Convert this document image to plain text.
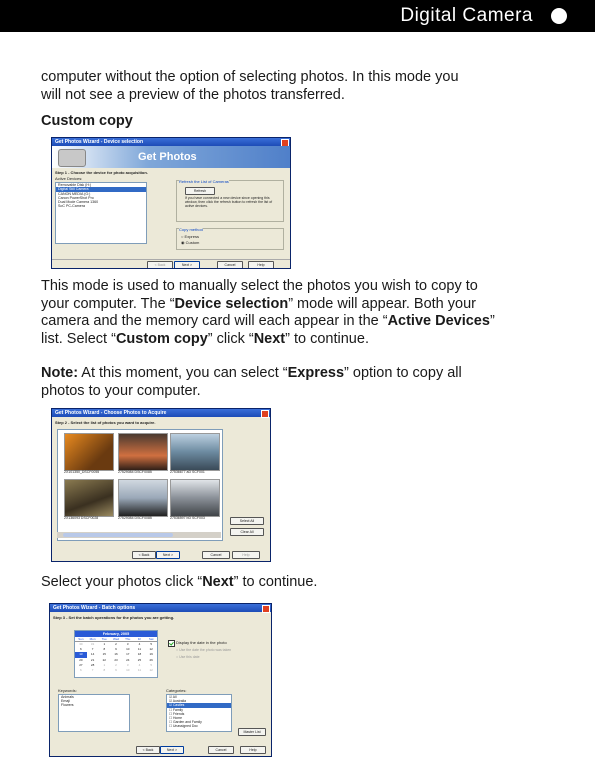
Digital Camera
computer without the option of selecting photos. In this mode you
will not see a preview of the photos transferred.
Custom copy
Get Photos Wizard - Device selection
Get Photos
Step 1 - Choose the device for photo acquisition.
Active Devices:
Removable Disk (H:)
Digital Still Camera
CANON MEDIA (G:)
Canon PowerShot Pro
Dual Mode Camera 1360
SoC PC-Camera
Refresh the List of Cameras
Refresh
If you have connected a new device since opening this window, then click the refresh button to refresh the list of active devices.
Copy method
○ Express
◉ Custom
< Back	Next >	Cancel	Help
This mode is used to manually select the photos you wish to copy to
your computer. The “Device selection” mode will appear. Both your
camera and the memory card will each appear in the “Active Devices”
list. Select “Custom copy” click “Next” to continue.
Note: At this moment, you can select “Express” option to copy all
photos to your computer.
Get Photos Wizard - Choose Photos to Acquire
Step 2 - Select the list of photos you want to acquire.
2X101350_DSCF0055	27529084 DSCF0085	27536677 aD SCF001
2X136093 DSCF0028	27529084 DSCF0085	27536597 bD SCF003
Select All
Clear All
< Back	Next >	Cancel	Help
Select your photos click “Next” to continue.
Get Photos Wizard - Batch options
Step 3 - Set the batch operations for the photos you are getting.
February, 2005
Sun	Mon	Tue	Wed	Thu	Fri	Sat
30	31	1	2	3	4	5
6	7	8	9	10	11	12
13	14	15	16	17	18	19
20	21	22	23	24	25	26
27	28	1	2	3	4	5
6	7	8	9	10	11	12
Display the date in the photo
○ Use the date the photo was taken
○ Use this date
Keywords:
Animals
Emaji
Flowers
Categories:
☑ All
☑ Australia
☑ Castles
☐ Family
☐ Friends
☐ Home
☐ Garden and Family
☐ Unassigned Doc
Master List
< Back	Next >	Cancel	Help
